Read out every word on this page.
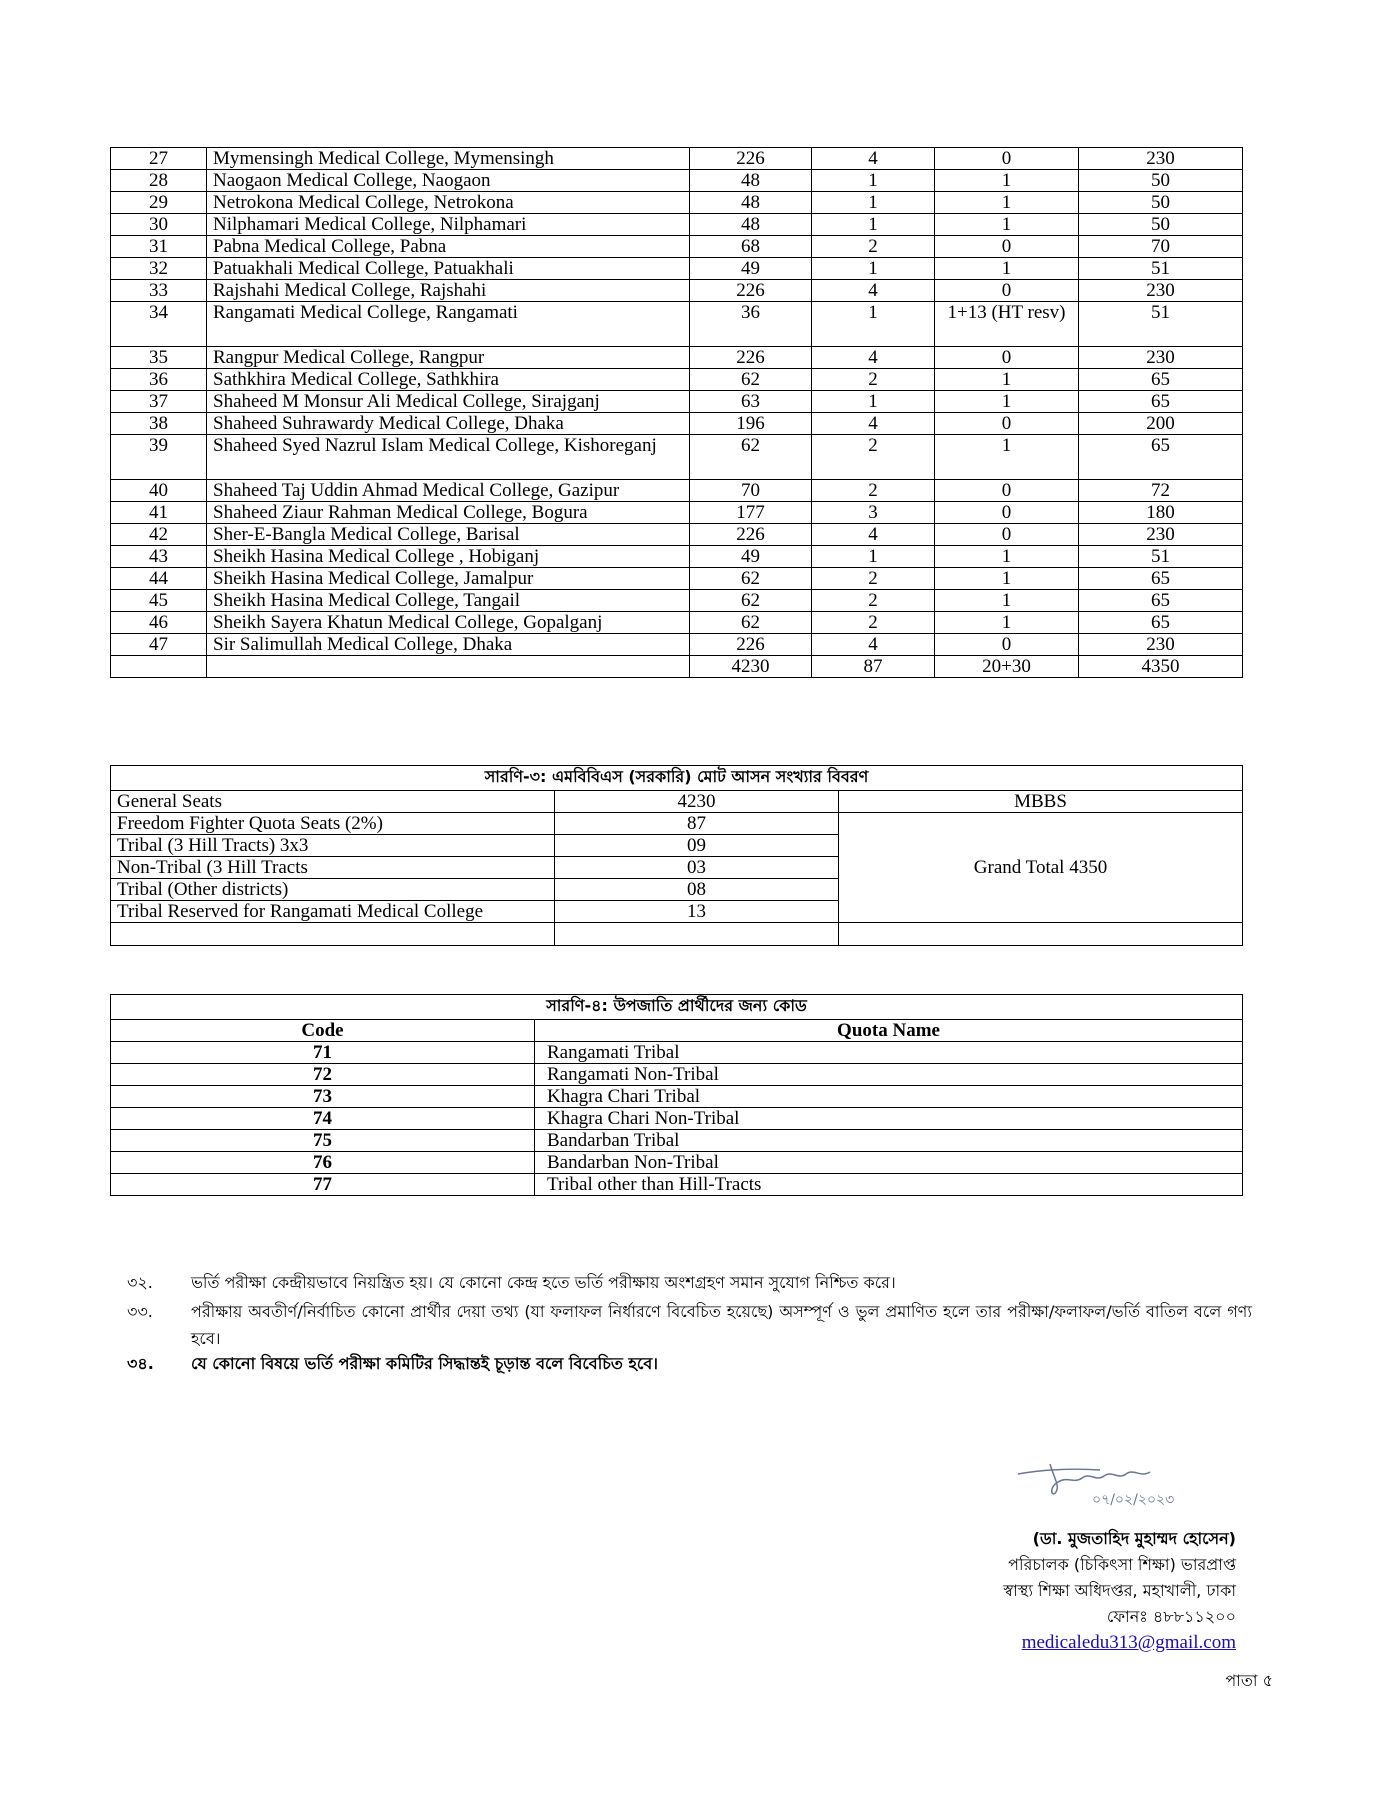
27	Mymensingh Medical College, Mymensingh	226	4	0	230
28	Naogaon Medical College, Naogaon	48	1	1	50
29	Netrokona Medical College, Netrokona	48	1	1	50
30	Nilphamari Medical College, Nilphamari	48	1	1	50
31	Pabna Medical College, Pabna	68	2	0	70
32	Patuakhali Medical College, Patuakhali	49	1	1	51
33	Rajshahi Medical College, Rajshahi	226	4	0	230
34	Rangamati Medical College, Rangamati	36	1	1+13 (HT resv)	51
35	Rangpur Medical College, Rangpur	226	4	0	230
36	Sathkhira Medical College, Sathkhira	62	2	1	65
37	Shaheed M Monsur Ali Medical College, Sirajganj	63	1	1	65
38	Shaheed Suhrawardy Medical College, Dhaka	196	4	0	200
39	Shaheed Syed Nazrul Islam Medical College, Kishoreganj	62	2	1	65
40	Shaheed Taj Uddin Ahmad Medical College, Gazipur	70	2	0	72
41	Shaheed Ziaur Rahman Medical College, Bogura	177	3	0	180
42	Sher-E-Bangla Medical College, Barisal	226	4	0	230
43	Sheikh Hasina Medical College , Hobiganj	49	1	1	51
44	Sheikh Hasina Medical College, Jamalpur	62	2	1	65
45	Sheikh Hasina Medical College, Tangail	62	2	1	65
46	Sheikh Sayera Khatun Medical College, Gopalganj	62	2	1	65
47	Sir Salimullah Medical College, Dhaka	226	4	0	230
		4230	87	20+30	4350
সারণি-৩: এমবিবিএস (সরকারি) মোট আসন সংখ্যার বিবরণ		
General Seats	4230	MBBS
Freedom Fighter Quota Seats (2%)	87	Grand Total 4350
Tribal (3 Hill Tracts) 3x3	09	
Non-Tribal (3 Hill Tracts	03	
Tribal (Other districts)	08	
Tribal Reserved for Rangamati Medical College	13	

সারণি-৪: উপজাতি প্রার্থীদের জন্য কোড	
Code	Quota Name
71	Rangamati Tribal
72	Rangamati Non-Tribal
73	Khagra Chari Tribal
74	Khagra Chari Non-Tribal
75	Bandarban Tribal
76	Bandarban Non-Tribal
77	Tribal other than Hill-Tracts
৩২.	ভর্তি পরীক্ষা কেন্দ্রীয়ভাবে নিয়ন্ত্রিত হয়। যে কোনো কেন্দ্র হতে ভর্তি পরীক্ষায় অংশগ্রহণ সমান সুযোগ নিশ্চিত করে।
৩৩.	পরীক্ষায় অবতীর্ণ/নির্বাচিত কোনো প্রার্থীর দেয়া তথ্য (যা ফলাফল নির্ধারণে বিবেচিত হয়েছে) অসম্পূর্ণ ও ভুল প্রমাণিত হলে তার পরীক্ষা/ফলাফল/ভর্তি বাতিল বলে গণ্য হবে।
৩৪.	যে কোনো বিষয়ে ভর্তি পরীক্ষা কমিটির সিদ্ধান্তই চূড়ান্ত বলে বিবেচিত হবে।
০৭/০২/২০২৩
(ডা. মুজতাহিদ মুহাম্মদ হোসেন)
পরিচালক (চিকিৎসা শিক্ষা) ভারপ্রাপ্ত
স্বাস্থ্য শিক্ষা অধিদপ্তর, মহাখালী, ঢাকা
ফোনঃ ৪৮৮১১২০০
medicaledu313@gmail.com
পাতা ৫
